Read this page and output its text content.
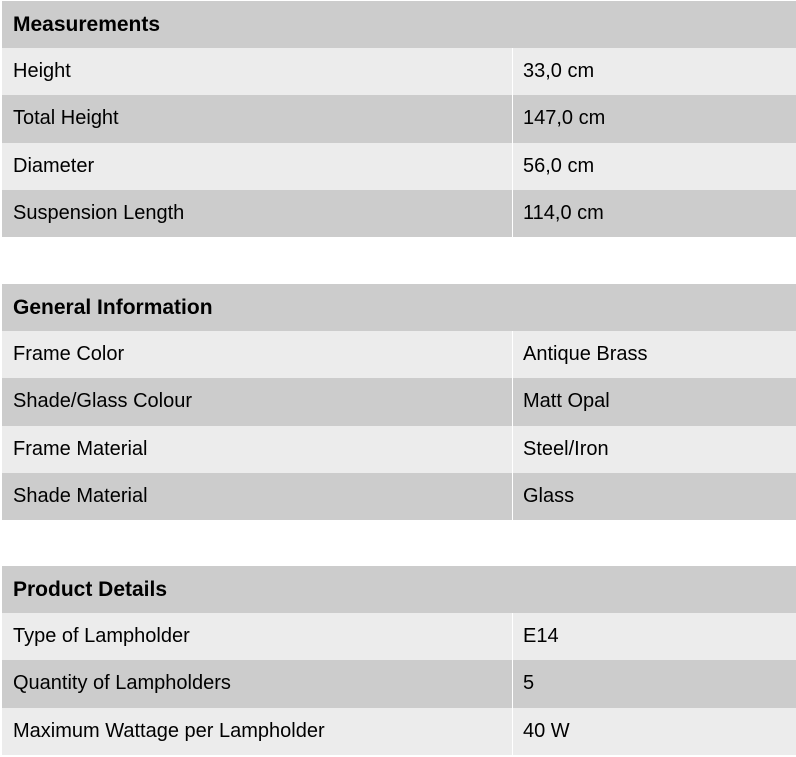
Measurements
Height	33,0 cm
Total Height	147,0 cm
Diameter	56,0 cm
Suspension Length	114,0 cm
General Information
Frame Color	Antique Brass
Shade/Glass Colour	Matt Opal
Frame Material	Steel/Iron
Shade Material	Glass
Product Details
Type of Lampholder	E14
Quantity of Lampholders	5
Maximum Wattage per Lampholder	40 W
